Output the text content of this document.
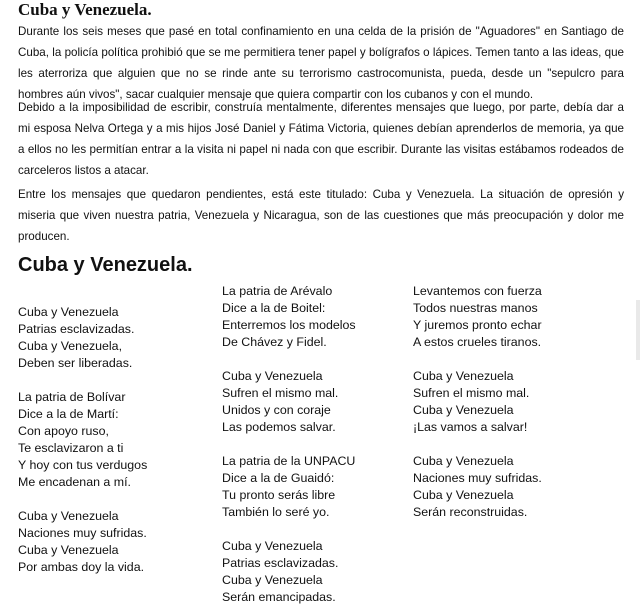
Cuba y Venezuela.

Durante los seis meses que pasé en total confinamiento en una celda de la prisión de "Aguadores" en Santiago de Cuba, la policía política prohibió que se me permitiera tener papel y bolígrafos o lápices. Temen tanto a las ideas, que les aterroriza que alguien que no se rinde ante su terrorismo castrocomunista, pueda, desde un "sepulcro para hombres aún vivos", sacar cualquier mensaje que quiera compartir con los cubanos y con el mundo.

Debido a la imposibilidad de escribir, construía mentalmente, diferentes mensajes que luego, por parte, debía dar a mi esposa Nelva Ortega y a mis hijos José Daniel y Fátima Victoria, quienes debían aprenderlos de memoria, ya que a ellos no les permitían entrar a la visita ni papel ni nada con que escribir. Durante las visitas estábamos rodeados de carceleros listos a atacar.

Entre los mensajes que quedaron pendientes, está este titulado: Cuba y Venezuela. La situación de opresión y miseria que viven nuestra patria, Venezuela y Nicaragua, son de las cuestiones que más preocupación y dolor me producen.

Cuba y Venezuela.
Cuba y Venezuela
Patrias esclavizadas.
Cuba y Venezuela,
Deben ser liberadas.
La patria de Bolívar
Dice a la de Martí:
Con apoyo ruso,
Te esclavizaron a ti
Y hoy con tus verdugos
Me encadenan a mí.
Cuba y Venezuela
Naciones muy sufridas.
Cuba y Venezuela
Por ambas doy la vida.
La patria de Arévalo
Dice a la de Boitel:
Enterremos los modelos
De Chávez y Fidel.
Cuba y Venezuela
Sufren el mismo mal.
Unidos y con coraje
Las podemos salvar.
La patria de la UNPACU
Dice a la de Guaidó:
Tu pronto serás libre
También lo seré yo.
Cuba y Venezuela
Patrias esclavizadas.
Cuba y Venezuela
Serán emancipadas.
Levantemos con fuerza
Todos nuestras manos
Y juremos pronto echar
A estos crueles tiranos.
Cuba y Venezuela
Sufren el mismo mal.
Cuba y Venezuela
¡Las vamos a salvar!
Cuba y Venezuela
Naciones muy sufridas.
Cuba y Venezuela
Serán reconstruidas.
